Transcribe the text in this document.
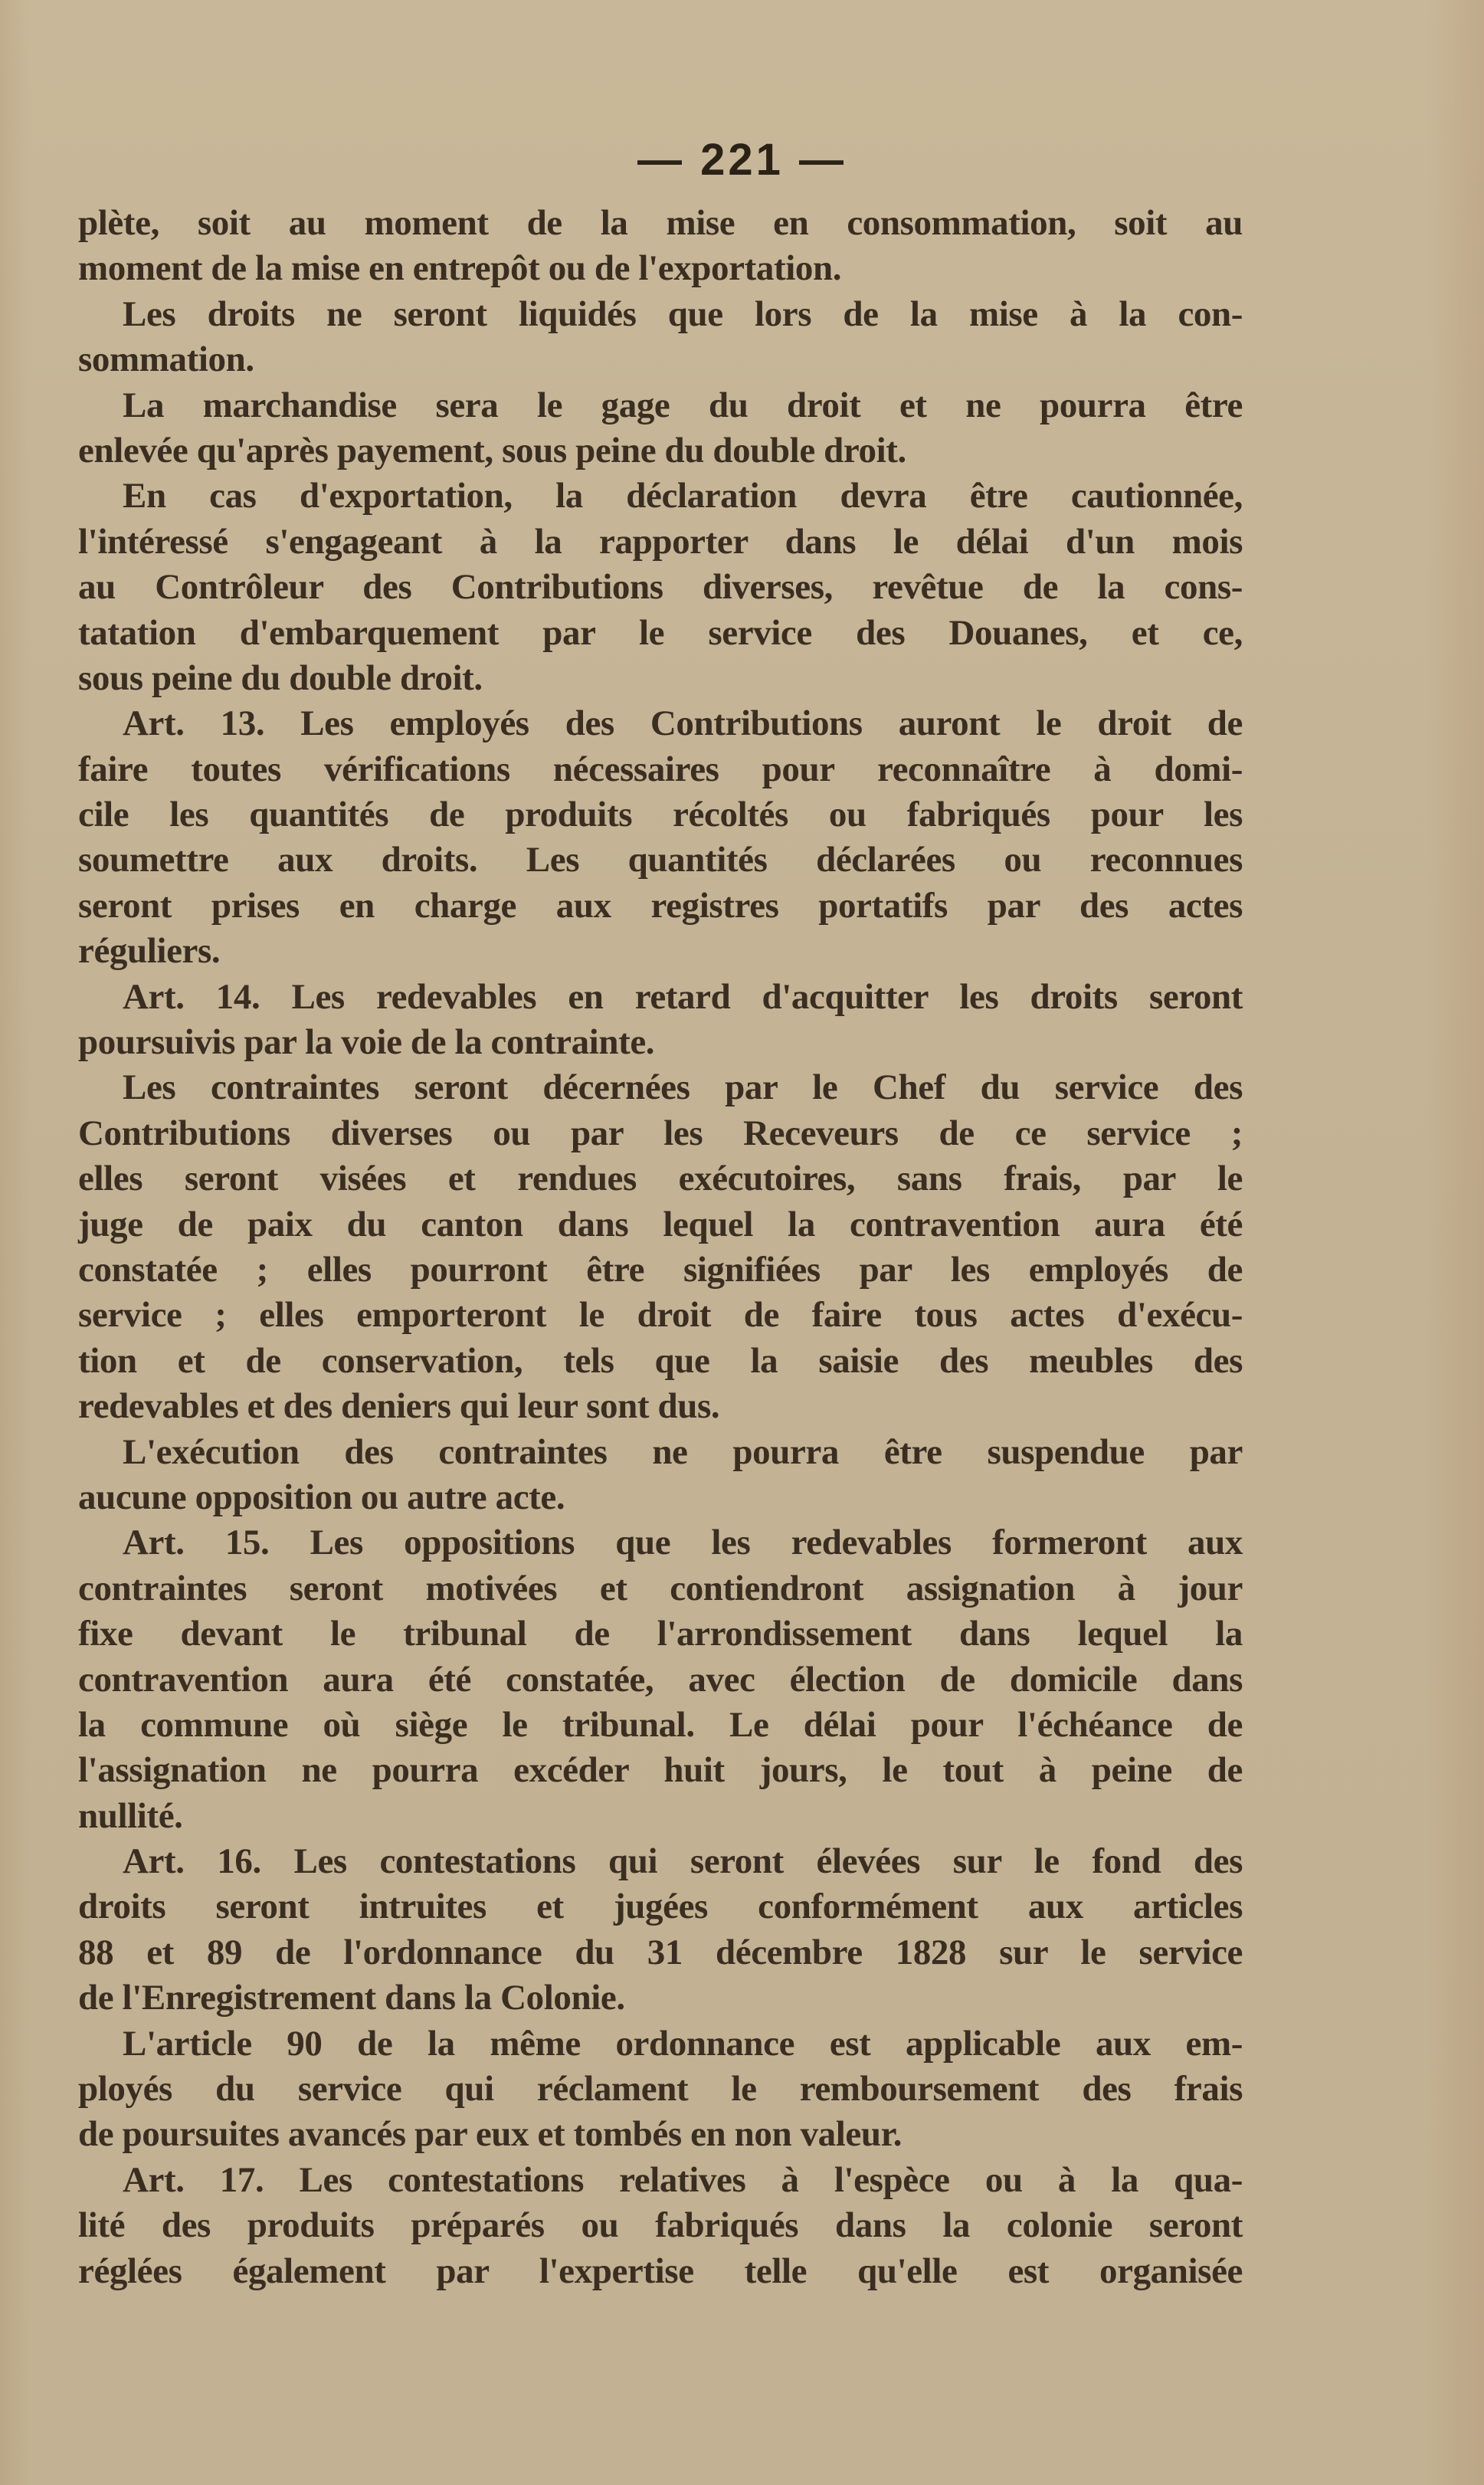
— 221 —
plète, soit au moment de la mise en consommation, soit au
moment de la mise en entrepôt ou de l'exportation.
Les droits ne seront liquidés que lors de la mise à la con-
sommation.
La marchandise sera le gage du droit et ne pourra être
enlevée qu'après payement, sous peine du double droit.
En cas d'exportation, la déclaration devra être cautionnée,
l'intéressé s'engageant à la rapporter dans le délai d'un mois
au Contrôleur des Contributions diverses, revêtue de la cons-
tatation d'embarquement par le service des Douanes, et ce,
sous peine du double droit.
Art. 13. Les employés des Contributions auront le droit de
faire toutes vérifications nécessaires pour reconnaître à domi-
cile les quantités de produits récoltés ou fabriqués pour les
soumettre aux droits. Les quantités déclarées ou reconnues
seront prises en charge aux registres portatifs par des actes
réguliers.
Art. 14. Les redevables en retard d'acquitter les droits seront
poursuivis par la voie de la contrainte.
Les contraintes seront décernées par le Chef du service des
Contributions diverses ou par les Receveurs de ce service ;
elles seront visées et rendues exécutoires, sans frais, par le
juge de paix du canton dans lequel la contravention aura été
constatée ; elles pourront être signifiées par les employés de
service ; elles emporteront le droit de faire tous actes d'exécu-
tion et de conservation, tels que la saisie des meubles des
redevables et des deniers qui leur sont dus.
L'exécution des contraintes ne pourra être suspendue par
aucune opposition ou autre acte.
Art. 15. Les oppositions que les redevables formeront aux
contraintes seront motivées et contiendront assignation à jour
fixe devant le tribunal de l'arrondissement dans lequel la
contravention aura été constatée, avec élection de domicile dans
la commune où siège le tribunal. Le délai pour l'échéance de
l'assignation ne pourra excéder huit jours, le tout à peine de
nullité.
Art. 16. Les contestations qui seront élevées sur le fond des
droits seront intruites et jugées conformément aux articles
88 et 89 de l'ordonnance du 31 décembre 1828 sur le service
de l'Enregistrement dans la Colonie.
L'article 90 de la même ordonnance est applicable aux em-
ployés du service qui réclament le remboursement des frais
de poursuites avancés par eux et tombés en non valeur.
Art. 17. Les contestations relatives à l'espèce ou à la qua-
lité des produits préparés ou fabriqués dans la colonie seront
réglées également par l'expertise telle qu'elle est organisée
